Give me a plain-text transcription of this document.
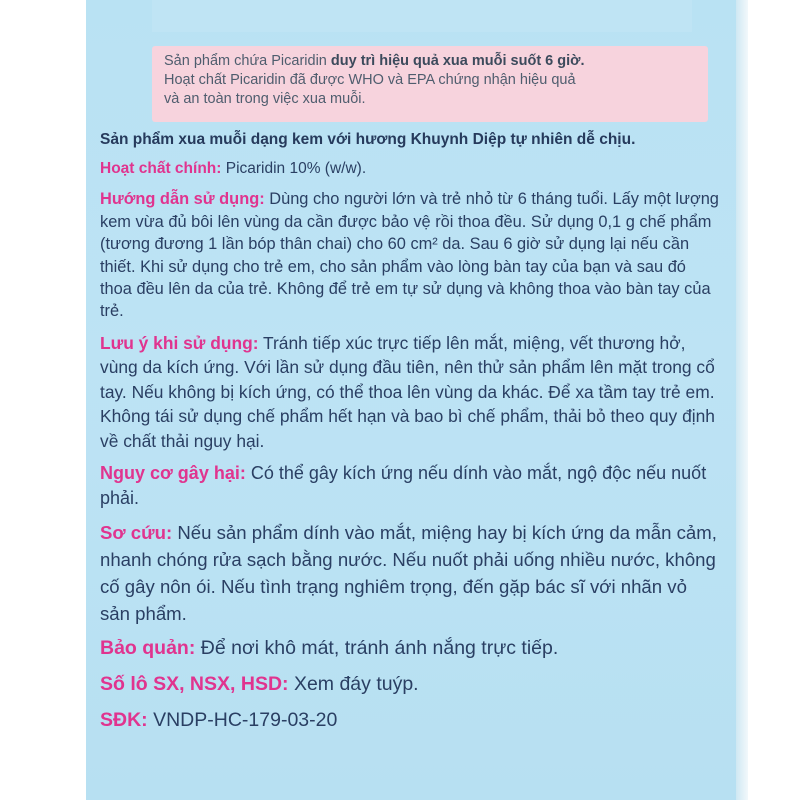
Sản phẩm chứa Picaridin duy trì hiệu quả xua muỗi suốt 6 giờ.
Hoạt chất Picaridin đã được WHO và EPA chứng nhận hiệu quả
và an toàn trong việc xua muỗi.
Sản phẩm xua muỗi dạng kem với hương Khuynh Diệp tự nhiên dễ chịu.
Hoạt chất chính: Picaridin 10% (w/w).
Hướng dẫn sử dụng: Dùng cho người lớn và trẻ nhỏ từ 6 tháng tuổi. Lấy một lượng kem vừa đủ bôi lên vùng da cần được bảo vệ rồi thoa đều. Sử dụng 0,1 g chế phẩm (tương đương 1 lần bóp thân chai) cho 60 cm² da. Sau 6 giờ sử dụng lại nếu cần thiết. Khi sử dụng cho trẻ em, cho sản phẩm vào lòng bàn tay của bạn và sau đó thoa đều lên da của trẻ. Không để trẻ em tự sử dụng và không thoa vào bàn tay của trẻ.
Lưu ý khi sử dụng: Tránh tiếp xúc trực tiếp lên mắt, miệng, vết thương hở, vùng da kích ứng. Với lần sử dụng đầu tiên, nên thử sản phẩm lên mặt trong cổ tay. Nếu không bị kích ứng, có thể thoa lên vùng da khác. Để xa tầm tay trẻ em. Không tái sử dụng chế phẩm hết hạn và bao bì chế phẩm, thải bỏ theo quy định về chất thải nguy hại.
Nguy cơ gây hại: Có thể gây kích ứng nếu dính vào mắt, ngộ độc nếu nuốt phải.
Sơ cứu: Nếu sản phẩm dính vào mắt, miệng hay bị kích ứng da mẫn cảm, nhanh chóng rửa sạch bằng nước. Nếu nuốt phải uống nhiều nước, không cố gây nôn ói. Nếu tình trạng nghiêm trọng, đến gặp bác sĩ với nhãn vỏ sản phẩm.
Bảo quản: Để nơi khô mát, tránh ánh nắng trực tiếp.
Số lô SX, NSX, HSD: Xem đáy tuýp.
SĐK: VNDP-HC-179-03-20
